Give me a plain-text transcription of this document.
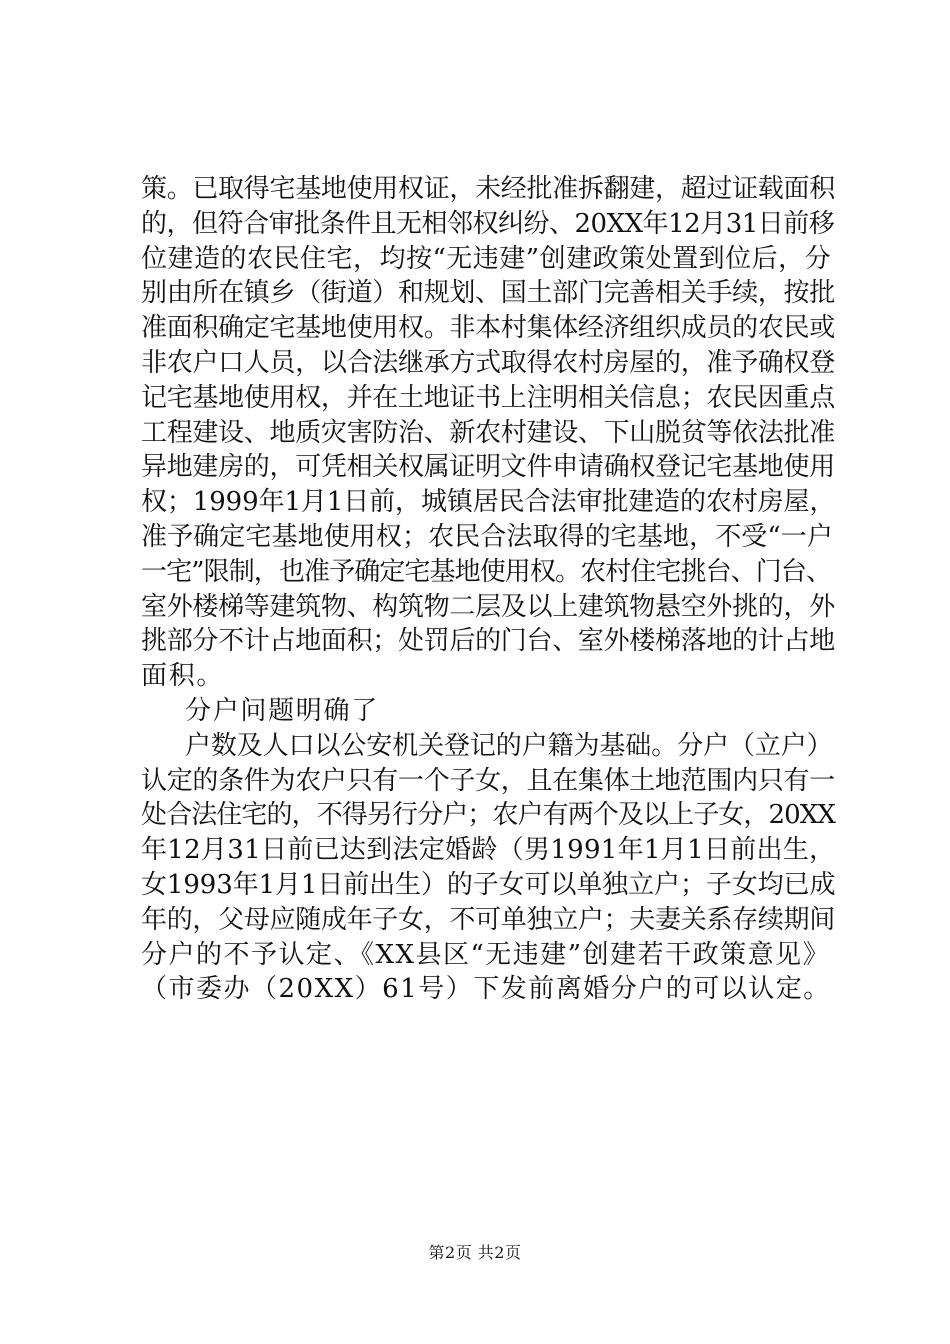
策。已取得宅基地使用权证，未经批准拆翻建，超过证载面积
的，但符合审批条件且无相邻权纠纷、20XX年12月31日前移
位建造的农民住宅，均按“无违建”创建政策处置到位后，分
别由所在镇乡（街道）和规划、国土部门完善相关手续，按批
准面积确定宅基地使用权。非本村集体经济组织成员的农民或
非农户口人员，以合法继承方式取得农村房屋的，准予确权登
记宅基地使用权，并在土地证书上注明相关信息；农民因重点
工程建设、地质灾害防治、新农村建设、下山脱贫等依法批准
异地建房的，可凭相关权属证明文件申请确权登记宅基地使用
权；1999年1月1日前，城镇居民合法审批建造的农村房屋，
准予确定宅基地使用权；农民合法取得的宅基地，不受“一户
一宅”限制，也准予确定宅基地使用权。农村住宅挑台、门台、
室外楼梯等建筑物、构筑物二层及以上建筑物悬空外挑的，外
挑部分不计占地面积；处罚后的门台、室外楼梯落地的计占地
面积。
分户问题明确了
户数及人口以公安机关登记的户籍为基础。分户（立户）
认定的条件为农户只有一个子女，且在集体土地范围内只有一
处合法住宅的，不得另行分户；农户有两个及以上子女，20XX
年12月31日前已达到法定婚龄（男1991年1月1日前出生，
女1993年1月1日前出生）的子女可以单独立户；子女均已成
年的，父母应随成年子女，不可单独立户；夫妻关系存续期间
分户的不予认定、《XX县区“无违建”创建若干政策意见》
（市委办（20XX）61号）下发前离婚分户的可以认定。
第2页 共2页
